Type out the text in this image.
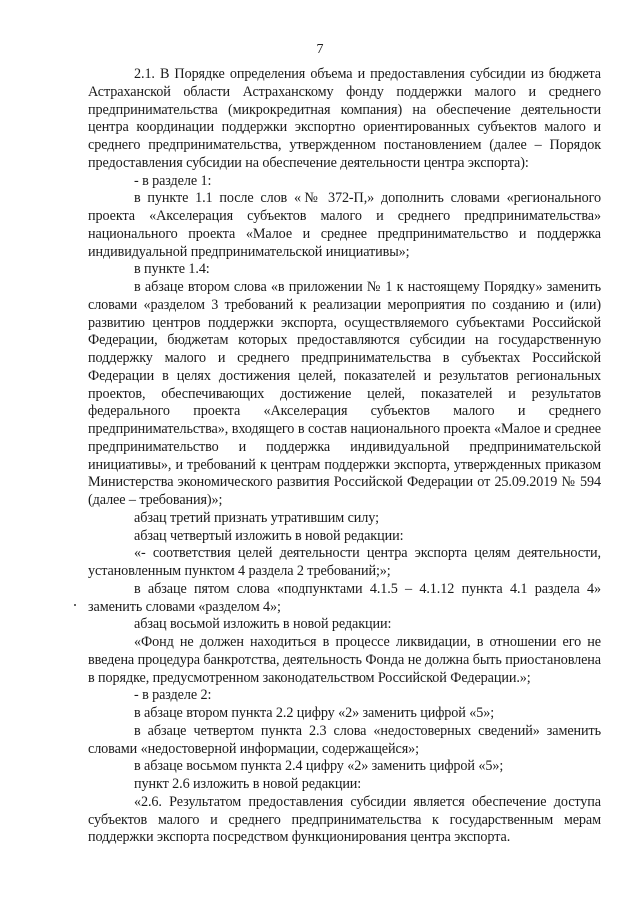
7

2.1. В Порядке определения объема и предоставления субсидии из бюджета Астраханской области Астраханскому фонду поддержки малого и среднего предпринимательства (микрокредитная компания) на обеспечение деятельности центра координации поддержки экспортно ориентированных субъектов малого и среднего предпринимательства, утвержденном постановлением (далее – Порядок предоставления субсидии на обеспечение деятельности центра экспорта):

- в разделе 1:

в пункте 1.1 после слов «№ 372-П,» дополнить словами «регионального проекта «Акселерация субъектов малого и среднего предпринимательства» национального проекта «Малое и среднее предпринимательство и поддержка индивидуальной предпринимательской инициативы»;

в пункте 1.4:

в абзаце втором слова «в приложении № 1 к настоящему Порядку» заменить словами «разделом 3 требований к реализации мероприятия по созданию и (или) развитию центров поддержки экспорта, осуществляемого субъектами Российской Федерации, бюджетам которых предоставляются субсидии на государственную поддержку малого и среднего предпринимательства в субъектах Российской Федерации в целях достижения целей, показателей и результатов региональных проектов, обеспечивающих достижение целей, показателей и результатов федерального проекта «Акселерация субъектов малого и среднего предпринимательства», входящего в состав национального проекта «Малое и среднее предпринимательство и поддержка индивидуальной предпринимательской инициативы», и требований к центрам поддержки экспорта, утвержденных приказом Министерства экономического развития Российской Федерации от 25.09.2019 № 594 (далее – требования)»;

абзац третий признать утратившим силу;

абзац четвертый изложить в новой редакции:

«- соответствия целей деятельности центра экспорта целям деятельности, установленным пунктом 4 раздела 2 требований;»;

в абзаце пятом слова «подпунктами 4.1.5 – 4.1.12 пункта 4.1 раздела 4» заменить словами «разделом 4»;

абзац восьмой изложить в новой редакции:

«Фонд не должен находиться в процессе ликвидации, в отношении его не введена процедура банкротства, деятельность Фонда не должна быть приостановлена в порядке, предусмотренном законодательством Российской Федерации.»;

- в разделе 2:

в абзаце втором пункта 2.2 цифру «2» заменить цифрой «5»;

в абзаце четвертом пункта 2.3 слова «недостоверных сведений» заменить словами «недостоверной информации, содержащейся»;

в абзаце восьмом пункта 2.4 цифру «2» заменить цифрой «5»;

пункт 2.6 изложить в новой редакции:

«2.6. Результатом предоставления субсидии является обеспечение доступа субъектов малого и среднего предпринимательства к государственным мерам поддержки экспорта посредством функционирования центра экспорта.
